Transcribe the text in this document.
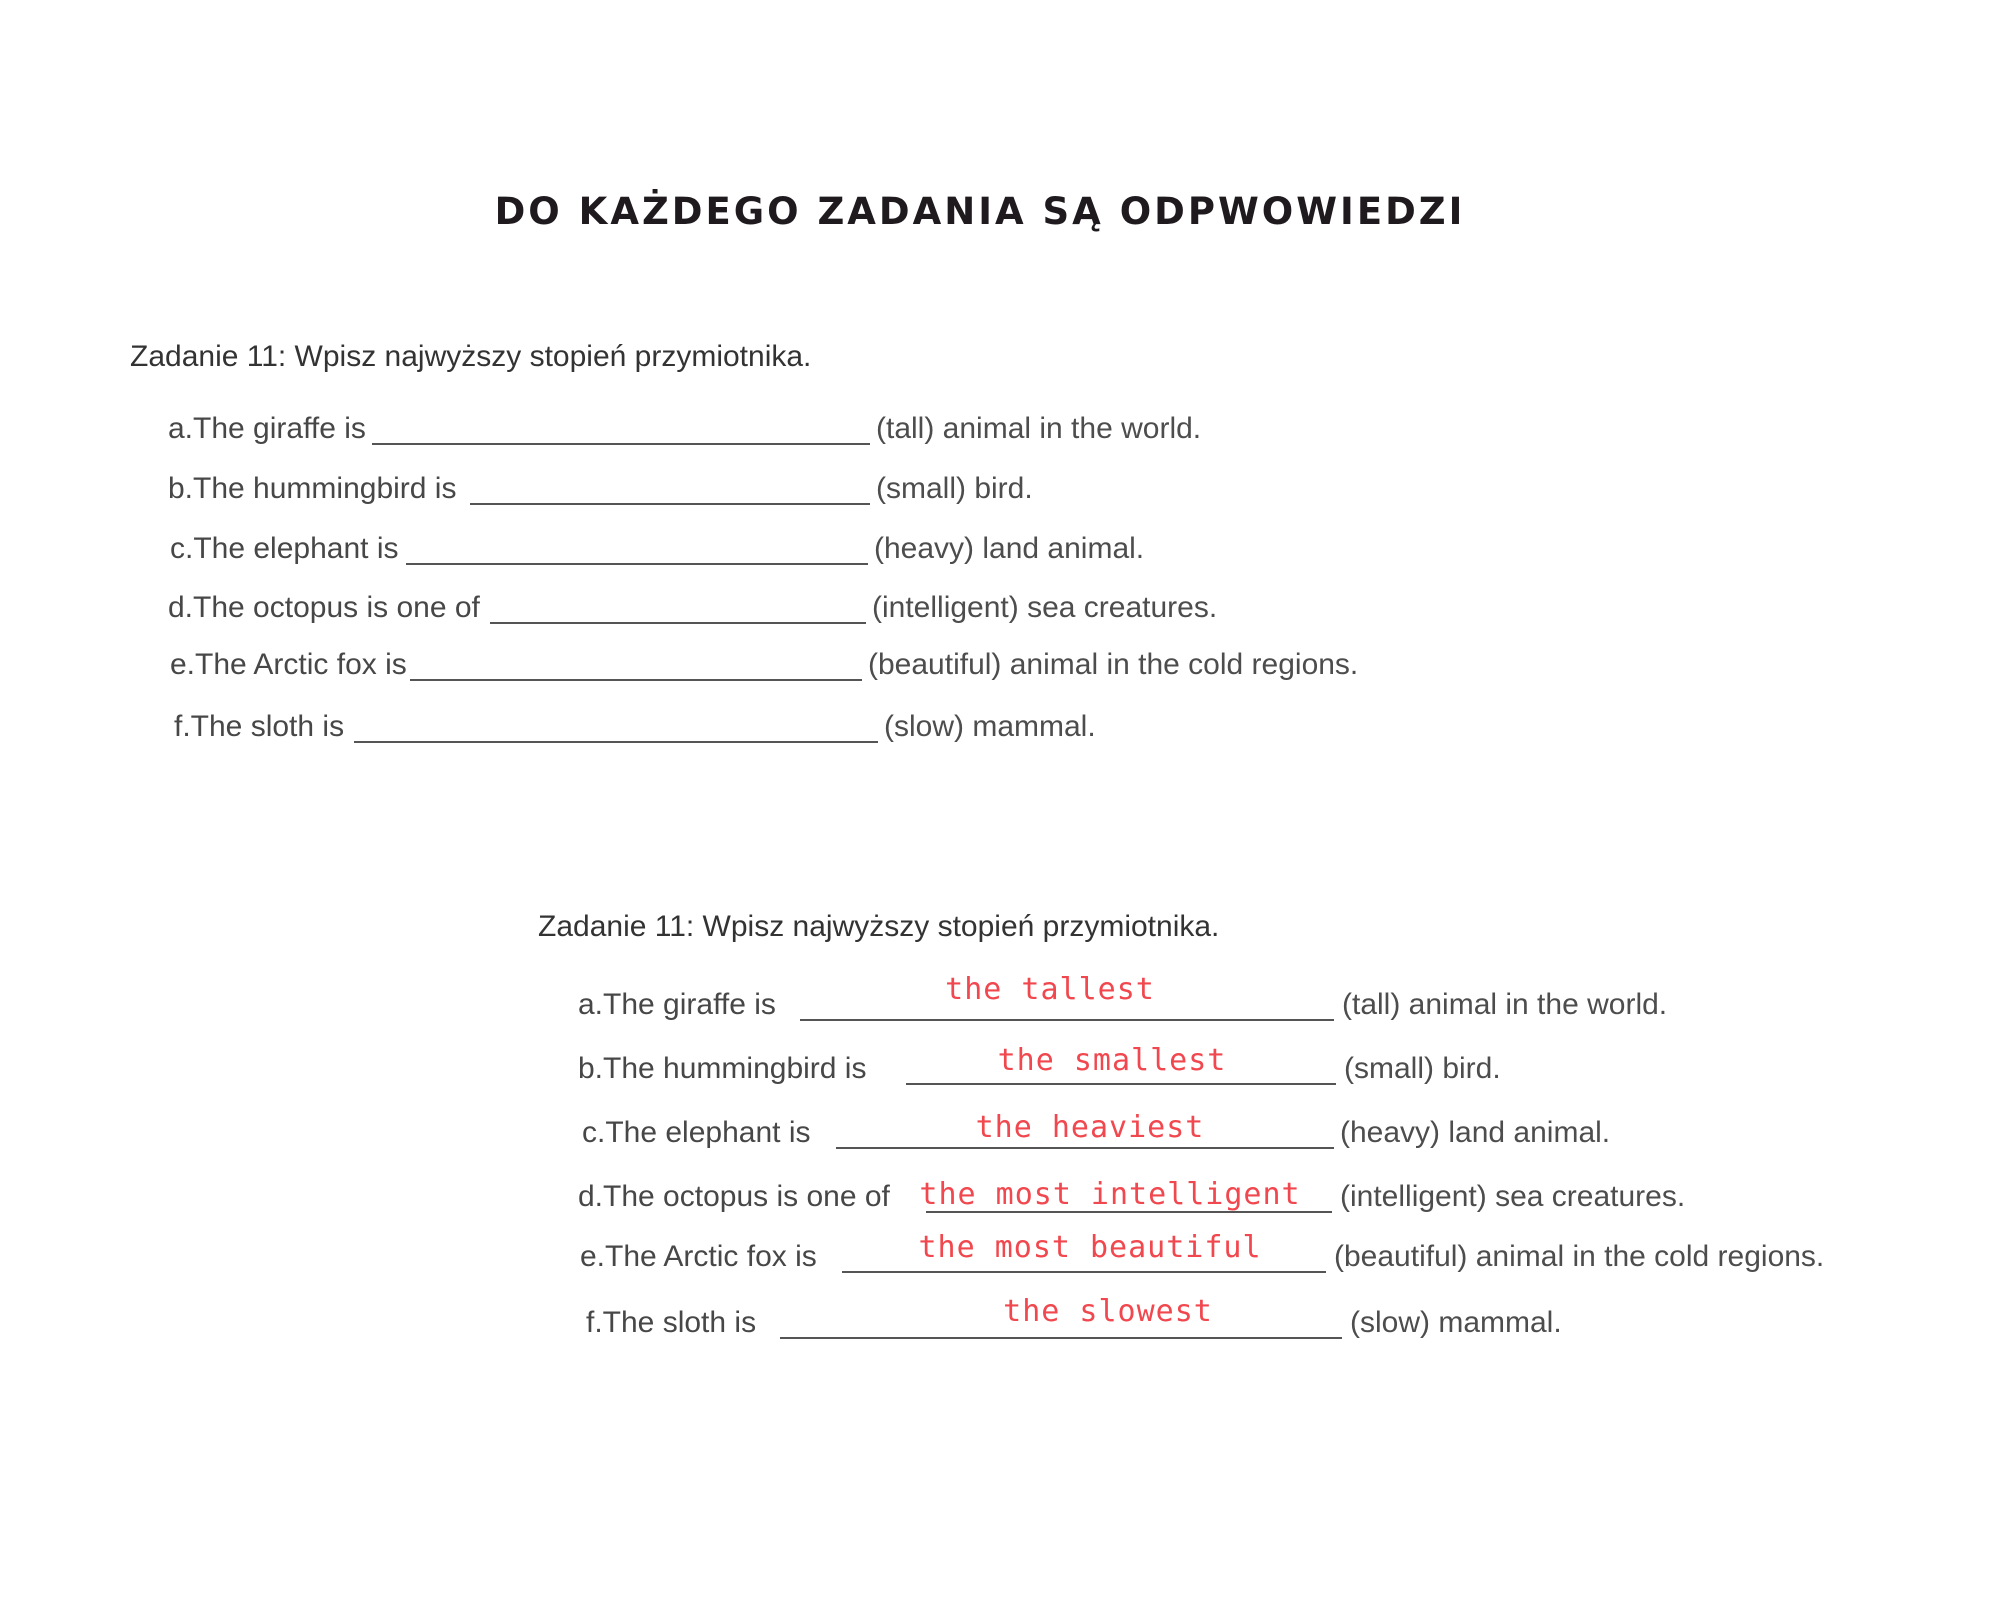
DO KAŻDEGO ZADANIA SĄ ODPWOWIEDZI
Zadanie 11: Wpisz najwyższy stopień przymiotnika.
a.The giraffe is	(tall) animal in the world.
b.The hummingbird is	(small) bird.
c.The elephant is	(heavy) land animal.
d.The octopus is one of	(intelligent) sea creatures.
e.The Arctic fox is	(beautiful) animal in the cold regions.
f.The sloth is	(slow) mammal.
Zadanie 11: Wpisz najwyższy stopień przymiotnika.
a.The giraffe is	the tallest	(tall) animal in the world.
b.The hummingbird is	the smallest	(small) bird.
c.The elephant is	the heaviest	(heavy) land animal.
d.The octopus is one of the most intelligent (intelligent) sea creatures.
e.The Arctic fox is	the most beautiful (beautiful) animal in the cold regions.
f.The sloth is	the slowest	(slow) mammal.
